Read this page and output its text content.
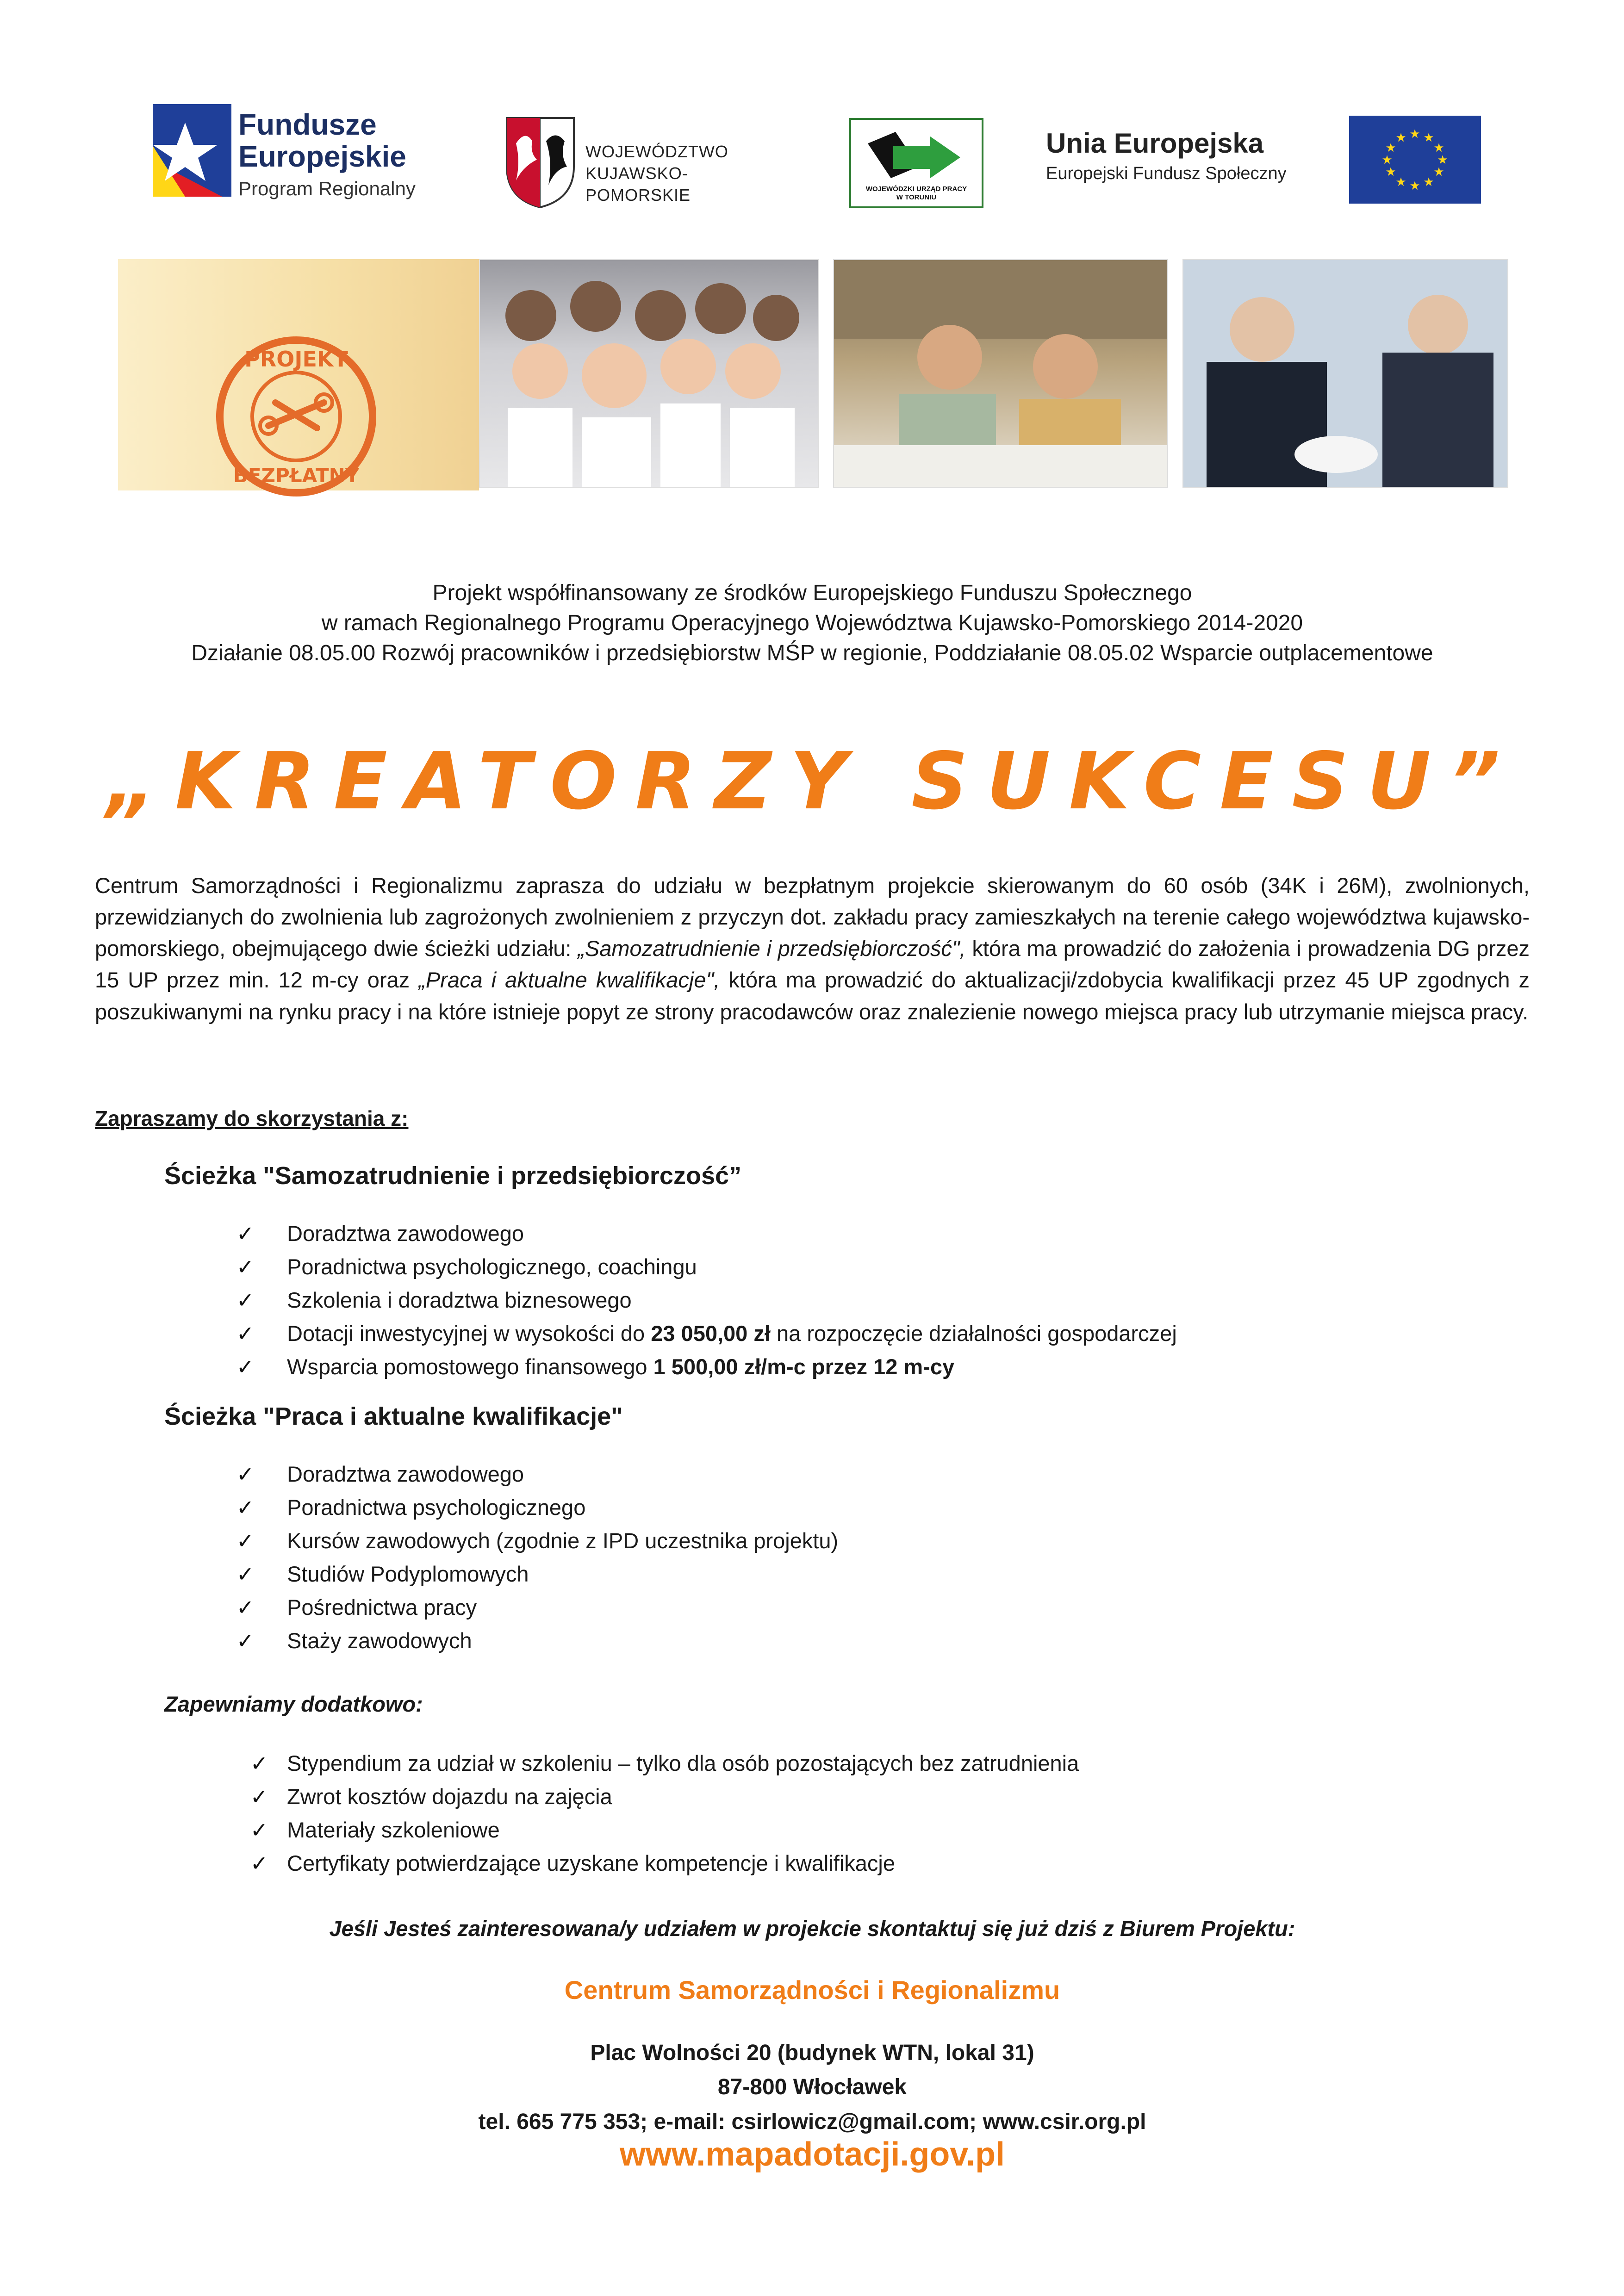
Fundusze
Europejskie
Program Regionalny
WOJEWÓDZTWO
KUJAWSKO-POMORSKIE	WOJEWÓDZKI URZĄD PRACY
W TORUNIU
Unia Europejska
Europejski Fundusz Społeczny
★ ★
★
★
★
★
★
★
★
★
★
★
PROJEKT
BEZPŁATNY
Projekt współfinansowany ze środków Europejskiego Funduszu Społecznego
w ramach Regionalnego Programu Operacyjnego Województwa Kujawsko-Pomorskiego 2014-2020
Działanie 08.05.00 Rozwój pracowników i przedsiębiorstw MŚP w regionie, Poddziałanie 08.05.02 Wsparcie outplacementowe
„KREATORZY SUKCESU”
Centrum Samorządności i Regionalizmu zaprasza do udziału w bezpłatnym projekcie skierowanym do 60 osób (34K i 26M), zwolnionych, przewidzianych do zwolnienia lub zagrożonych zwolnieniem z przyczyn dot. zakładu pracy zamieszkałych na terenie całego województwa kujawsko-pomorskiego, obejmującego dwie ścieżki udziału: „Samozatrudnienie i przedsiębiorczość", która ma prowadzić do założenia i prowadzenia DG przez 15 UP przez min. 12 m-cy oraz „Praca i aktualne kwalifikacje", która ma prowadzić do aktualizacji/zdobycia kwalifikacji przez 45 UP zgodnych z poszukiwanymi na rynku pracy i na które istnieje popyt ze strony pracodawców oraz znalezienie nowego miejsca pracy lub utrzymanie miejsca pracy.
Zapraszamy do skorzystania z:
Ścieżka "Samozatrudnienie i przedsiębiorczość”
✓ Doradztwa zawodowego
✓ Poradnictwa psychologicznego, coachingu
✓ Szkolenia i doradztwa biznesowego
✓ Dotacji inwestycyjnej w wysokości do 23 050,00 zł na rozpoczęcie działalności gospodarczej
✓ Wsparcia pomostowego finansowego 1 500,00 zł/m-c przez 12 m-cy
Ścieżka "Praca i aktualne kwalifikacje"
✓ Doradztwa zawodowego
✓ Poradnictwa psychologicznego
✓ Kursów zawodowych (zgodnie z IPD uczestnika projektu)
✓ Studiów Podyplomowych
✓ Pośrednictwa pracy
✓ Staży zawodowych
Zapewniamy dodatkowo:
✓ Stypendium za udział w szkoleniu – tylko dla osób pozostających bez zatrudnienia
✓ Zwrot kosztów dojazdu na zajęcia
✓ Materiały szkoleniowe
✓ Certyfikaty potwierdzające uzyskane kompetencje i kwalifikacje
Jeśli Jesteś zainteresowana/y udziałem w projekcie skontaktuj się już dziś z Biurem Projektu:
Centrum Samorządności i Regionalizmu
Plac Wolności 20 (budynek WTN, lokal 31)
87-800 Włocławek
tel. 665 775 353; e-mail: csirlowicz@gmail.com; www.csir.org.pl
www.mapadotacji.gov.pl
